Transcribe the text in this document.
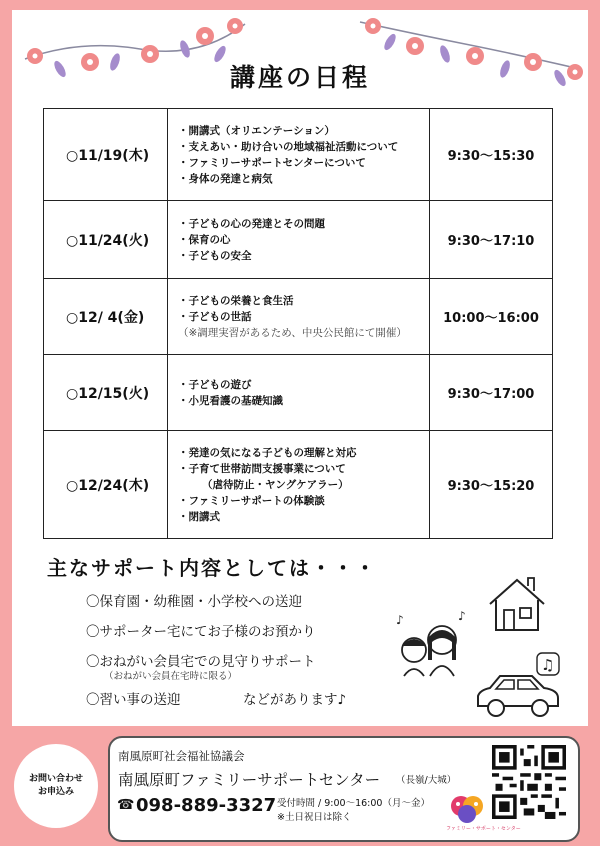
講座の日程
○11/19(木)	・開講式（オリエンテーション）
・支えあい・助け合いの地域福祉活動について
・ファミリーサポートセンターについて
・身体の発達と病気	9:30〜15:30
○11/24(火)	・子どもの心の発達とその問題
・保育の心
・子どもの安全	9:30〜17:10
○12/ 4(金)	・子どもの栄養と食生活
・子どもの世話
（※調理実習があるため、中央公民館にて開催）	10:00〜16:00
○12/15(火)	・子どもの遊び
・小児看護の基礎知識	9:30〜17:00
○12/24(木)	・発達の気になる子どもの理解と対応
・子育て世帯訪問支援事業について
（虐待防止・ヤングケアラー）
・ファミリーサポートの体験談
・閉講式	9:30〜15:20
主なサポート内容としては・・・
〇保育園・幼稚園・小学校への送迎
〇サポーター宅にてお子様のお預かり
〇おねがい会員宅での見守りサポート
（おねがい会員在宅時に限る）
〇習い事の送迎	などがあります♪
♪	♪
♫
お問い合わせ
お申込み
南風原町社会福祉協議会
南風原町ファミリーサポートセンター （長嶺/大城）
☎ 098-889-3327 受付時間 / 9:00〜16:00（月〜金）
※土日祝日は除く
ファミリー・サポート・センター
